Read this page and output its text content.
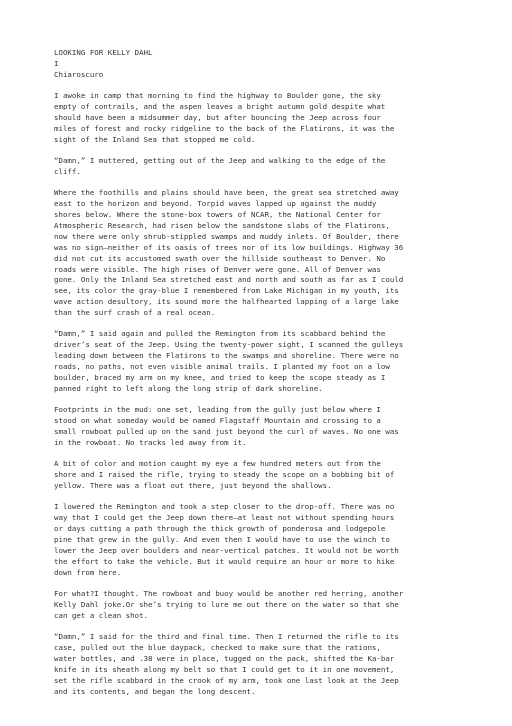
LOOKING FOR KELLY DAHL
I
Chiaroscuro
I awoke in camp that morning to find the highway to Boulder gone, the sky
empty of contrails, and the aspen leaves a bright autumn gold despite what
should have been a midsummer day, but after bouncing the Jeep across four
miles of forest and rocky ridgeline to the back of the Flatirons, it was the
sight of the Inland Sea that stopped me cold.
“Damn,” I muttered, getting out of the Jeep and walking to the edge of the
cliff.
Where the foothills and plains should have been, the great sea stretched away
east to the horizon and beyond. Torpid waves lapped up against the muddy
shores below. Where the stone-box towers of NCAR, the National Center for
Atmospheric Research, had risen below the sandstone slabs of the Flatirons,
now there were only shrub-stippled swamps and muddy inlets. Of Boulder, there
was no sign—neither of its oasis of trees nor of its low buildings. Highway 36
did not cut its accustomed swath over the hillside southeast to Denver. No
roads were visible. The high rises of Denver were gone. All of Denver was
gone. Only the Inland Sea stretched east and north and south as far as I could
see, its color the gray-blue I remembered from Lake Michigan in my youth, its
wave action desultory, its sound more the halfhearted lapping of a large lake
than the surf crash of a real ocean.
“Damn,” I said again and pulled the Remington from its scabbard behind the
driver’s seat of the Jeep. Using the twenty-power sight, I scanned the gulleys
leading down between the Flatirons to the swamps and shoreline. There were no
roads, no paths, not even visible animal trails. I planted my foot on a low
boulder, braced my arm on my knee, and tried to keep the scope steady as I
panned right to left along the long strip of dark shoreline.
Footprints in the mud: one set, leading from the gully just below where I
stood on what someday would be named Flagstaff Mountain and crossing to a
small rowboat pulled up on the sand just beyond the curl of waves. No one was
in the rowboat. No tracks led away from it.
A bit of color and motion caught my eye a few hundred meters out from the
shore and I raised the rifle, trying to steady the scope on a bobbing bit of
yellow. There was a float out there, just beyond the shallows.
I lowered the Remington and took a step closer to the drop-off. There was no
way that I could get the Jeep down there—at least not without spending hours
or days cutting a path through the thick growth of ponderosa and lodgepole
pine that grew in the gully. And even then I would have to use the winch to
lower the Jeep over boulders and near-vertical patches. It would not be worth
the effort to take the vehicle. But it would require an hour or more to hike
down from here.
For what?I thought. The rowboat and buoy would be another red herring, another
Kelly Dahl joke.Or she’s trying to lure me out there on the water so that she
can get a clean shot.
“Damn,” I said for the third and final time. Then I returned the rifle to its
case, pulled out the blue daypack, checked to make sure that the rations,
water bottles, and .38 were in place, tugged on the pack, shifted the Ka-bar
knife in its sheath along my belt so that I could get to it in one movement,
set the rifle scabbard in the crook of my arm, took one last look at the Jeep
and its contents, and began the long descent.
